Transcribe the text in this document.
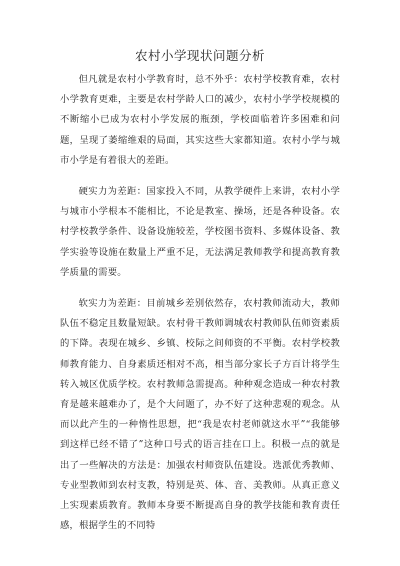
农村小学现状问题分析

但凡就是农村小学教育时，总不外乎：农村学校教育难，农村小学教育更难，主要是农村学龄人口的减少，农村小学学校规模的不断缩小已成为农村小学发展的瓶颈，学校面临着许多困难和问题，呈现了萎缩维艰的局面，其实这些大家都知道。农村小学与城市小学是有着很大的差距。

硬实力为差距：国家投入不同，从教学硬件上来讲，农村小学与城市小学根本不能相比，不论是教室、操场，还是各种设备。农村学校教学条件、设备设施较差，学校图书资料、多媒体设备、教学实验等设施在数量上严重不足，无法满足教师教学和提高教育教学质量的需要。

软实力为差距：目前城乡差别依然存，农村教师流动大，教师队伍不稳定且数量短缺。农村骨干教师调城农村教师队伍师资素质的下降。表现在城乡、乡镇、校际之间师资的不平衡。农村学校教师教育能力、自身素质还相对不高，相当部分家长子方百计将学生转入城区优质学校。农村教师急需提高。种种观念造成一种农村教育是越来越难办了，是个大问题了，办不好了这种悲观的观念。从而以此产生的一种惰性思想，把“我是农村老师就这水平”“我能够到这样已经不错了”这种口号式的语言挂在口上。积极一点的就是出了一些解决的方法是：加强农村师资队伍建设。选派优秀教师、专业型教师到农村支教，特别是英、体、音、美教师。从真正意义上实现素质教育。教师本身要不断提高自身的教学技能和教育责任感，根据学生的不同特
